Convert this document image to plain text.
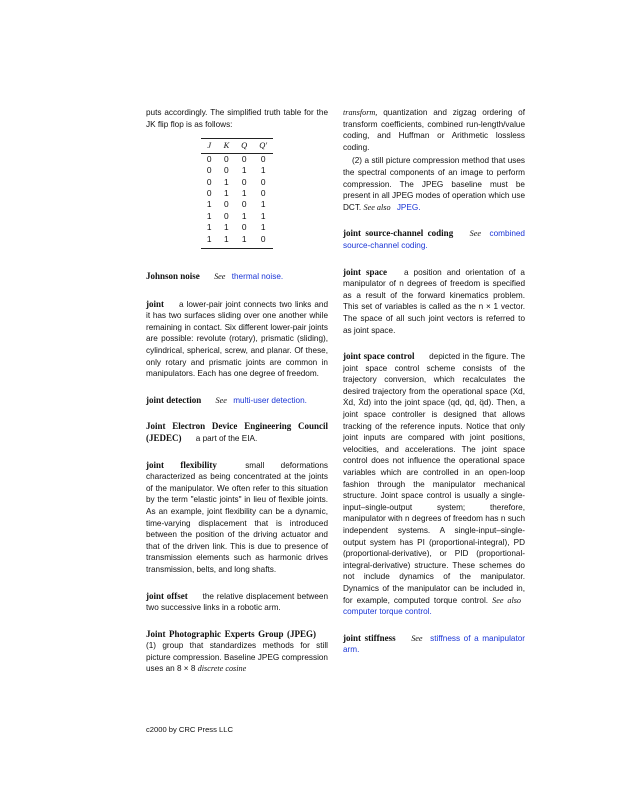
puts accordingly. The simplified truth table for the JK flip flop is as follows:

J	K	Q	Q′
0	0	0	0
0	0	1	1
0	1	0	0
0	1	1	0
1	0	0	1
1	0	1	1
1	1	0	1
1	1	1	0

Johnson noise See thermal noise.

joint a lower-pair joint connects two links and it has two surfaces sliding over one another while remaining in contact. Six different lower-pair joints are possible: revolute (rotary), prismatic (sliding), cylindrical, spherical, screw, and planar. Of these, only rotary and prismatic joints are common in manipulators. Each has one degree of freedom.

joint detection See multi-user detection.

Joint Electron Device Engineering Council (JEDEC) a part of the EIA.

joint flexibility	small deformations characterized as being concentrated at the joints of the manipulator. We often refer to this situation by the term "elastic joints" in lieu of flexible joints. As an example, joint flexibility can be a dynamic, time-varying displacement that is introduced between the position of the driving actuator and that of the driven link. This is due to presence of transmission elements such as harmonic drives transmission, belts, and long shafts.

joint offset the relative displacement between two successive links in a robotic arm.

Joint Photographic Experts Group (JPEG) (1) group that standardizes methods for still picture compression. Baseline JPEG compression uses an 8 × 8 discrete cosine

transform, quantization and zigzag ordering of transform coefficients, combined run-length/value coding, and Huffman or Arithmetic lossless coding.

(2) a still picture compression method that uses the spectral components of an image to perform compression. The JPEG baseline must be present in all JPEG modes of operation which use DCT. See also JPEG.

joint source-channel coding See combined source-channel coding.

joint space a position and orientation of a manipulator of n degrees of freedom is specified as a result of the forward kinematics problem. This set of variables is called as the n × 1 vector. The space of all such joint vectors is referred to as joint space.

joint space control depicted in the figure. The joint space control scheme consists of the trajectory conversion, which recalculates the desired trajectory from the operational space (Xd, Ẋd, Ẍd) into the joint space (qd, q̇d, q̈d). Then, a joint space controller is designed that allows tracking of the reference inputs. Notice that only joint inputs are compared with joint positions, velocities, and accelerations. The joint space control does not influence the operational space variables which are controlled in an open-loop fashion through the manipulator mechanical structure. Joint space control is usually a single-input–single-output system; therefore, manipulator with n degrees of freedom has n such independent systems. A single-input–single-output system has PI (proportional-integral), PD (proportional-derivative), or PID (proportional-integral-derivative) structure. These schemes do not include dynamics of the manipulator. Dynamics of the manipulator can be included in, for example, computed torque control. See also computer torque control.

joint stiffness See stiffness of a manipulator arm.

c2000 by CRC Press LLC
